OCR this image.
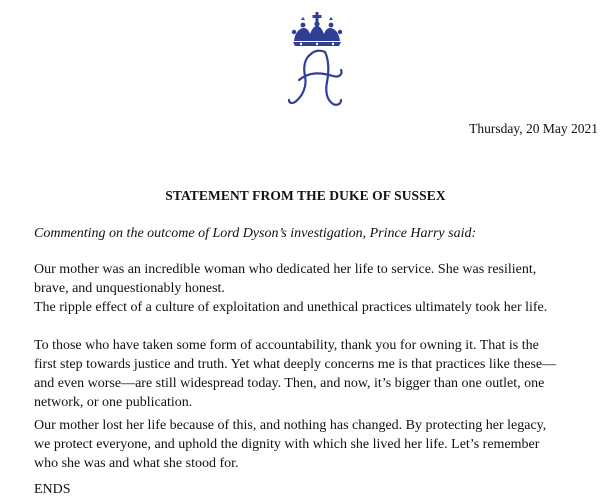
Thursday, 20 May 2021
STATEMENT FROM THE DUKE OF SUSSEX
Commenting on the outcome of Lord Dyson’s investigation, Prince Harry said:
Our mother was an incredible woman who dedicated her life to service. She was resilient,
brave, and unquestionably honest.
The ripple effect of a culture of exploitation and unethical practices ultimately took her life.
To those who have taken some form of accountability, thank you for owning it. That is the
first step towards justice and truth. Yet what deeply concerns me is that practices like these—
and even worse—are still widespread today. Then, and now, it’s bigger than one outlet, one
network, or one publication.
Our mother lost her life because of this, and nothing has changed. By protecting her legacy,
we protect everyone, and uphold the dignity with which she lived her life. Let’s remember
who she was and what she stood for.
ENDS
